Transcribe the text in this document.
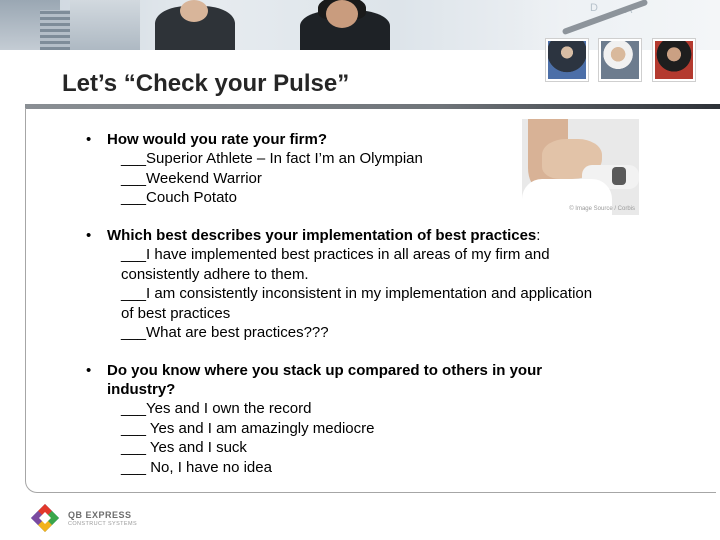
D
Let’s “Check your Pulse”
• How would you rate your firm?
___Superior Athlete – In fact I’m an Olympian
___Weekend Warrior
___Couch Potato
© Image Source / Corbis
• Which best describes your implementation of best practices:
___I have implemented best practices in all areas of my firm and
consistently adhere to them.
___I am consistently inconsistent in my implementation and application
of best practices
___What are best practices???
• Do you know where you stack up compared to others in your
industry?
___Yes and I own the record
___ Yes and I am amazingly mediocre
___ Yes and I suck
___ No, I have no idea
QB EXPRESS
CONSTRUCT SYSTEMS
